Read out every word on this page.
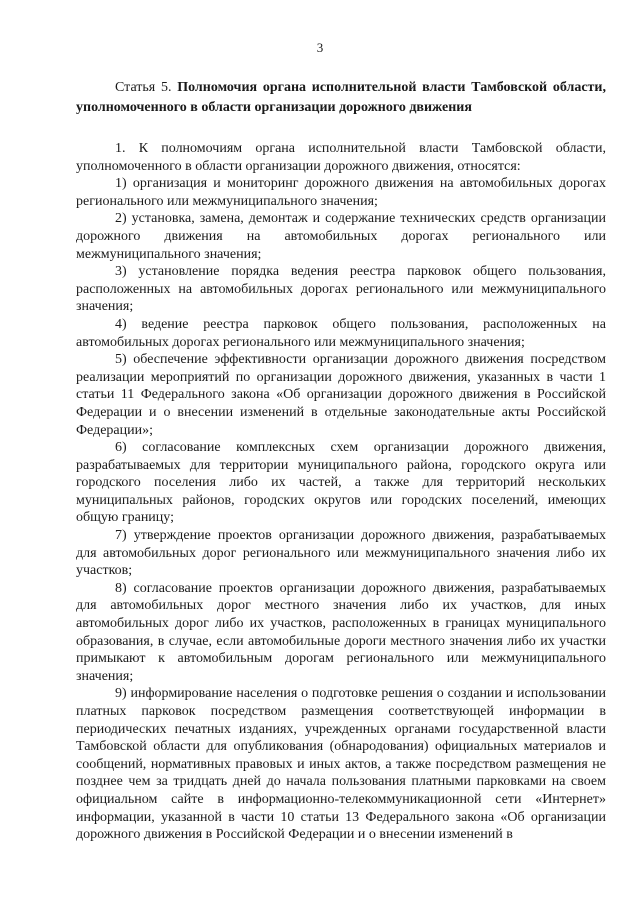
3
Статья 5. Полномочия органа исполнительной власти Тамбовской области, уполномоченного в области организации дорожного движения

1. К полномочиям органа исполнительной власти Тамбовской области, уполномоченного в области организации дорожного движения, относятся:

1) организация и мониторинг дорожного движения на автомобильных дорогах регионального или межмуниципального значения;

2) установка, замена, демонтаж и содержание технических средств организации дорожного движения на автомобильных дорогах регионального или межмуниципального значения;

3) установление порядка ведения реестра парковок общего пользования, расположенных на автомобильных дорогах регионального или межмуниципального значения;

4) ведение реестра парковок общего пользования, расположенных на автомобильных дорогах регионального или межмуниципального значения;

5) обеспечение эффективности организации дорожного движения посредством реализации мероприятий по организации дорожного движения, указанных в части 1 статьи 11 Федерального закона «Об организации дорожного движения в Российской Федерации и о внесении изменений в отдельные законодательные акты Российской Федерации»;

6) согласование комплексных схем организации дорожного движения, разрабатываемых для территории муниципального района, городского округа или городского поселения либо их частей, а также для территорий нескольких муниципальных районов, городских округов или городских поселений, имеющих общую границу;

7) утверждение проектов организации дорожного движения, разрабатываемых для автомобильных дорог регионального или межмуниципального значения либо их участков;

8) согласование проектов организации дорожного движения, разрабатываемых для автомобильных дорог местного значения либо их участков, для иных автомобильных дорог либо их участков, расположенных в границах муниципального образования, в случае, если автомобильные дороги местного значения либо их участки примыкают к автомобильным дорогам регионального или межмуниципального значения;

9) информирование населения о подготовке решения о создании и использовании платных парковок посредством размещения соответствующей информации в периодических печатных изданиях, учрежденных органами государственной власти Тамбовской области для опубликования (обнародования) официальных материалов и сообщений, нормативных правовых и иных актов, а также посредством размещения не позднее чем за тридцать дней до начала пользования платными парковками на своем официальном сайте в информационно-телекоммуникационной сети «Интернет» информации, указанной в части 10 статьи 13 Федерального закона «Об организации дорожного движения в Российской Федерации и о внесении изменений в
